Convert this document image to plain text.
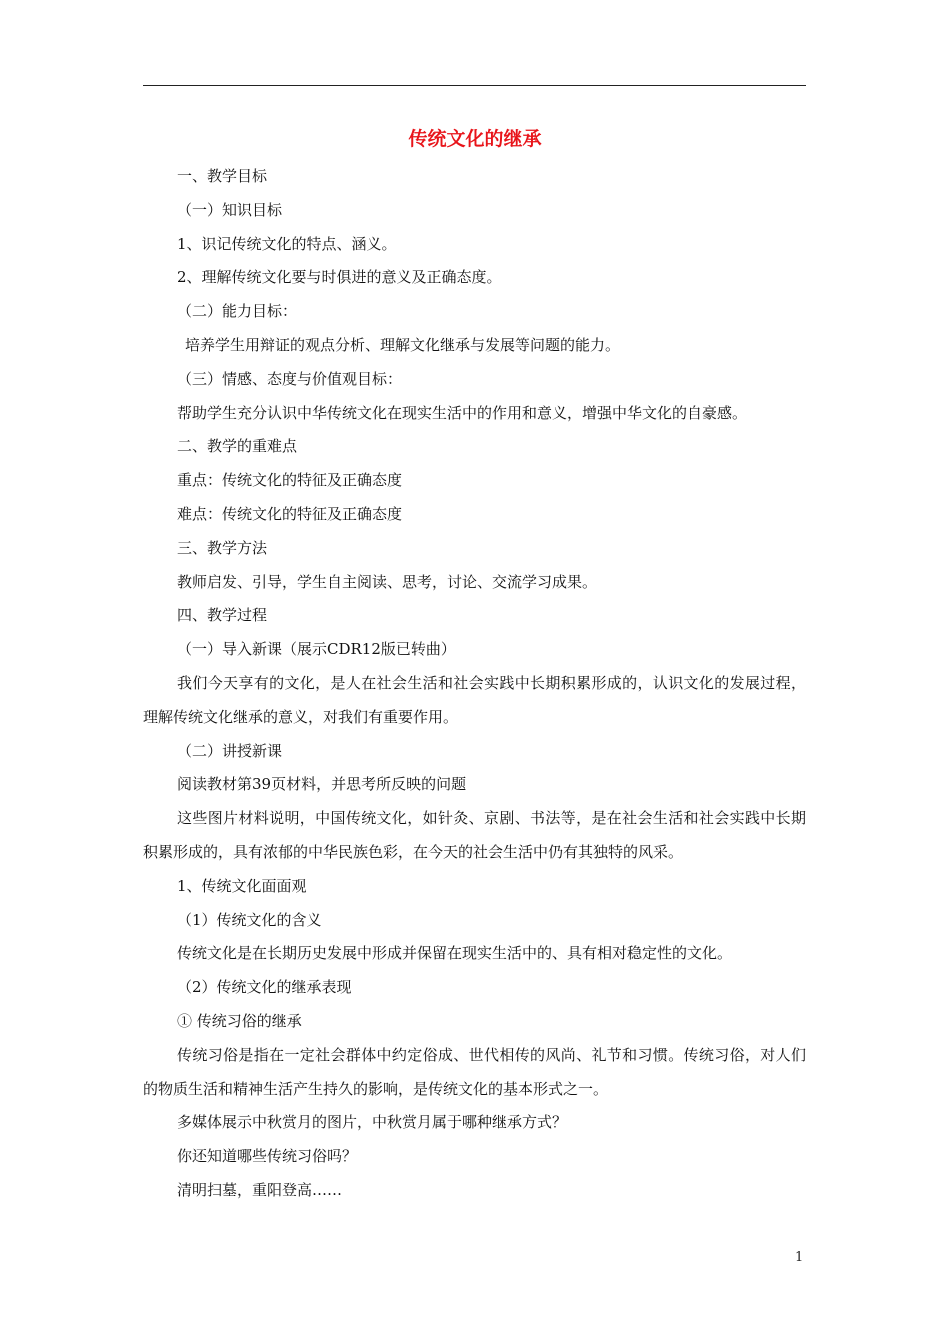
传统文化的继承

一、教学目标

（一）知识目标

1、识记传统文化的特点、涵义。

2、理解传统文化要与时俱进的意义及正确态度。

（二）能力目标：

培养学生用辩证的观点分析、理解文化继承与发展等问题的能力。

（三）情感、态度与价值观目标：

帮助学生充分认识中华传统文化在现实生活中的作用和意义，增强中华文化的自豪感。

二、教学的重难点

重点：传统文化的特征及正确态度

难点：传统文化的特征及正确态度

三、教学方法

教师启发、引导，学生自主阅读、思考，讨论、交流学习成果。

四、教学过程

（一）导入新课（展示CDR12版已转曲）

我们今天享有的文化，是人在社会生活和社会实践中长期积累形成的，认识文化的发展过程，理解传统文化继承的意义，对我们有重要作用。

（二）讲授新课

阅读教材第39页材料，并思考所反映的问题

这些图片材料说明，中国传统文化，如针灸、京剧、书法等，是在社会生活和社会实践中长期积累形成的，具有浓郁的中华民族色彩，在今天的社会生活中仍有其独特的风采。

1、传统文化面面观

（1）传统文化的含义

传统文化是在长期历史发展中形成并保留在现实生活中的、具有相对稳定性的文化。

（2）传统文化的继承表现

① 传统习俗的继承

传统习俗是指在一定社会群体中约定俗成、世代相传的风尚、礼节和习惯。传统习俗，对人们的物质生活和精神生活产生持久的影响，是传统文化的基本形式之一。

多媒体展示中秋赏月的图片，中秋赏月属于哪种继承方式？

你还知道哪些传统习俗吗？

清明扫墓，重阳登高……

1
